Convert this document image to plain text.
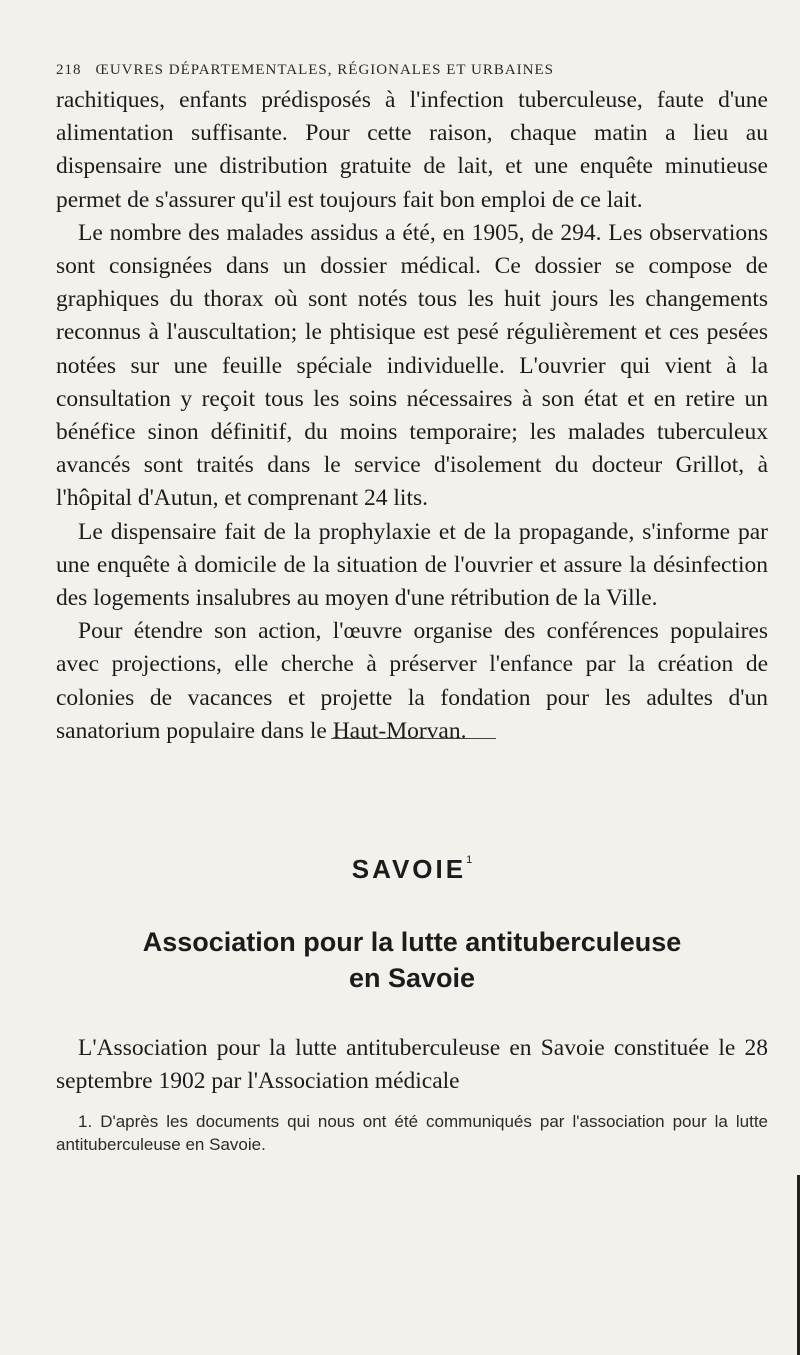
218 ŒUVRES DÉPARTEMENTALES, RÉGIONALES ET URBAINES

rachitiques, enfants prédisposés à l'infection tuberculeuse, faute d'une alimentation suffisante. Pour cette raison, chaque matin a lieu au dispensaire une distribution gratuite de lait, et une enquête minutieuse permet de s'assurer qu'il est toujours fait bon emploi de ce lait.

Le nombre des malades assidus a été, en 1905, de 294. Les observations sont consignées dans un dossier médical. Ce dossier se compose de graphiques du thorax où sont notés tous les huit jours les changements reconnus à l'auscultation; le phtisique est pesé régulièrement et ces pesées notées sur une feuille spéciale individuelle. L'ouvrier qui vient à la consultation y reçoit tous les soins nécessaires à son état et en retire un bénéfice sinon définitif, du moins temporaire; les malades tuberculeux avancés sont traités dans le service d'isolement du docteur Grillot, à l'hôpital d'Autun, et comprenant 24 lits.

Le dispensaire fait de la prophylaxie et de la propagande, s'informe par une enquête à domicile de la situation de l'ouvrier et assure la désinfection des logements insalubres au moyen d'une rétribution de la Ville.

Pour étendre son action, l'œuvre organise des conférences populaires avec projections, elle cherche à préserver l'enfance par la création de colonies de vacances et projette la fondation pour les adultes d'un sanatorium populaire dans le Haut-Morvan.

SAVOIE$^1$
Association pour la lutte antituberculeuse
en Savoie

L'Association pour la lutte antituberculeuse en Savoie constituée le 28 septembre 1902 par l'Association médicale

1. D'après les documents qui nous ont été communiqués par l'association pour la lutte antituberculeuse en Savoie.
